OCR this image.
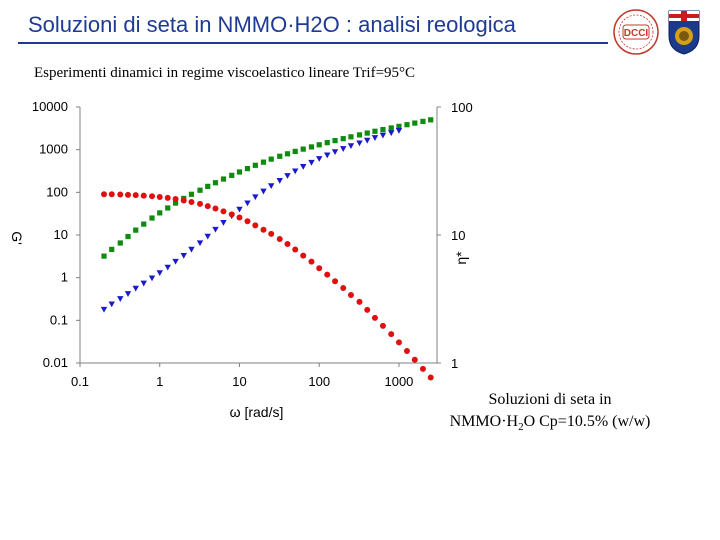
Soluzioni di seta in NMMO·H2O : analisi reologica	DCCI
Esperimenti dinamici in regime viscoelastico lineare Trif=95°C
0.01
0.1
1
10
100
1000
10000
1
10
100
0.1	1	10	100	1000
ω [rad/s]
G'
η*
Soluzioni di seta in
$NMMO\cdot H_2O$ Cp=10.5% (w/w)
